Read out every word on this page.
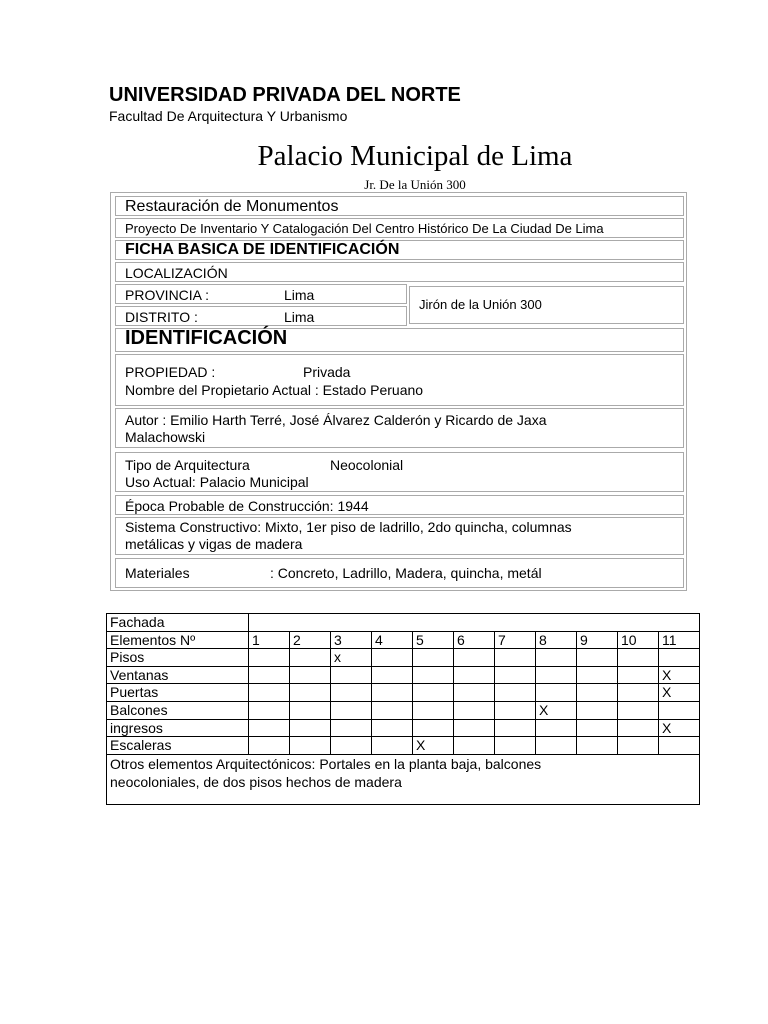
UNIVERSIDAD PRIVADA DEL NORTE
Facultad De Arquitectura Y Urbanismo
Palacio Municipal de Lima
Jr. De la Unión 300
Restauración de Monumentos
Proyecto De Inventario Y Catalogación Del Centro Histórico De La Ciudad De Lima
FICHA BASICA DE IDENTIFICACIÓN
LOCALIZACIÓN
PROVINCIA :	Lima
DISTRITO :	Lima
Jirón de la Unión 300
IDENTIFICACIÓN
PROPIEDAD :	Privada
Nombre del Propietario Actual : Estado Peruano
Autor : Emilio Harth Terré, José Álvarez Calderón y Ricardo de Jaxa
Malachowski
Tipo de Arquitectura	Neocolonial
Uso Actual: Palacio Municipal
Época Probable de Construcción: 1944
Sistema Constructivo: Mixto, 1er piso de ladrillo, 2do quincha, columnas
metálicas y vigas de madera
Materiales	: Concreto, Ladrillo, Madera, quincha, metál
Fachada											
Elementos Nº	1	2	3	4	5	6	7	8	9	10	11
Pisos			x								
Ventanas											X
Puertas											X
Balcones								X			
ingresos											X
Escaleras					X						

Otros elementos Arquitectónicos: Portales en la planta baja, balcones
neocoloniales, de dos pisos hechos de madera											
